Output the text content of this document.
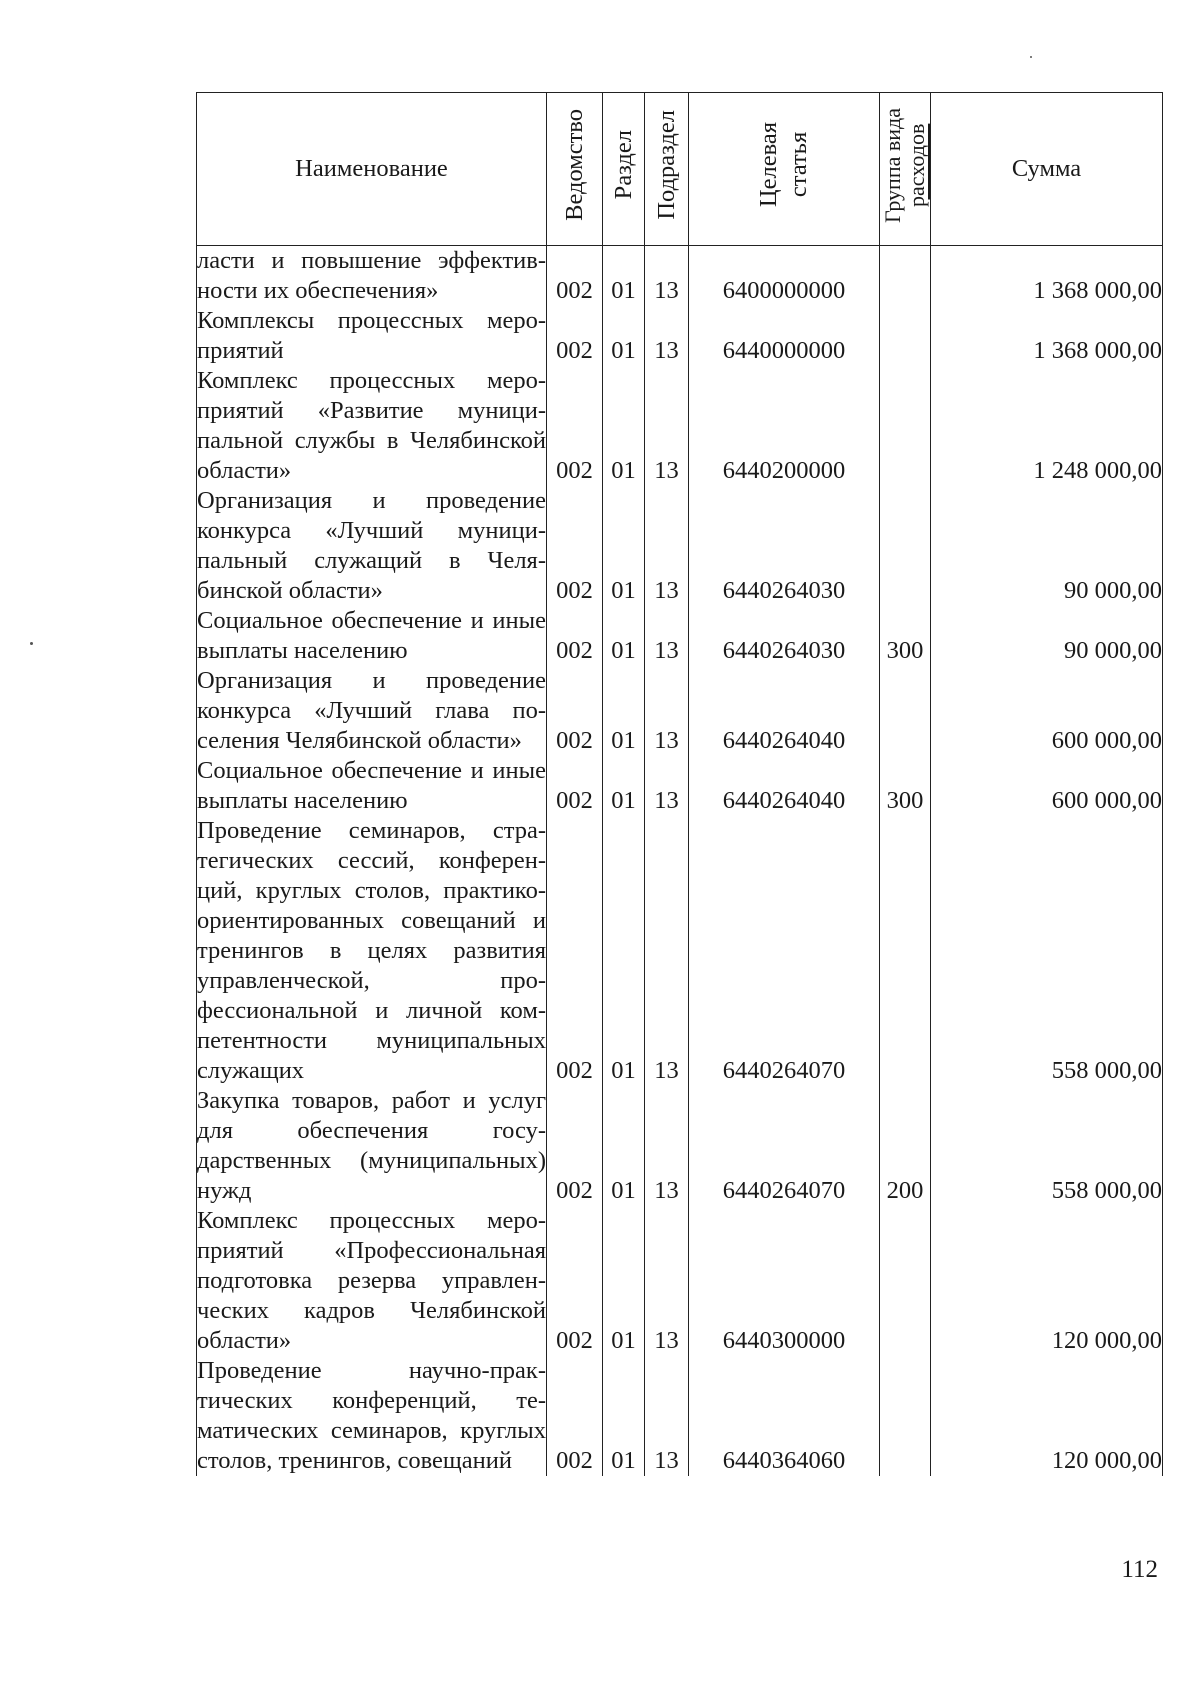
Наименование	Ведомство	Раздел	Подраздел	Целевая статья	Группа вида расходов	Сумма
ласти и повышение эффективности их обеспечения»	002	01	13	6400000000		1 368 000,00
Комплексы процессных мероприятий	002	01	13	6440000000		1 368 000,00
Комплекс процессных мероприятий «Развитие муниципальной службы в Челябинской области»	002	01	13	6440200000		1 248 000,00
Организация и проведение конкурса «Лучший муниципальный служащий в Челябинской области»	002	01	13	6440264030		90 000,00
Социальное обеспечение и иные выплаты населению	002	01	13	6440264030	300	90 000,00
Организация и проведение конкурса «Лучший глава поселения Челябинской области»	002	01	13	6440264040		600 000,00
Социальное обеспечение и иные выплаты населению	002	01	13	6440264040	300	600 000,00
Проведение семинаров, стратегических сессий, конференций, круглых столов, практико-ориентированных совещаний и тренингов в целях развития управленческой, профессиональной и личной компетентности муниципальных служащих	002	01	13	6440264070		558 000,00
Закупка товаров, работ и услуг для обеспечения государственных (муниципальных) нужд	002	01	13	6440264070	200	558 000,00
Комплекс процессных мероприятий «Профессиональная подготовка резерва управленческих кадров Челябинской области»	002	01	13	6440300000		120 000,00
Проведение научно-практических конференций, тематических семинаров, круглых столов, тренингов, совещаний	002	01	13	6440364060		120 000,00
112
